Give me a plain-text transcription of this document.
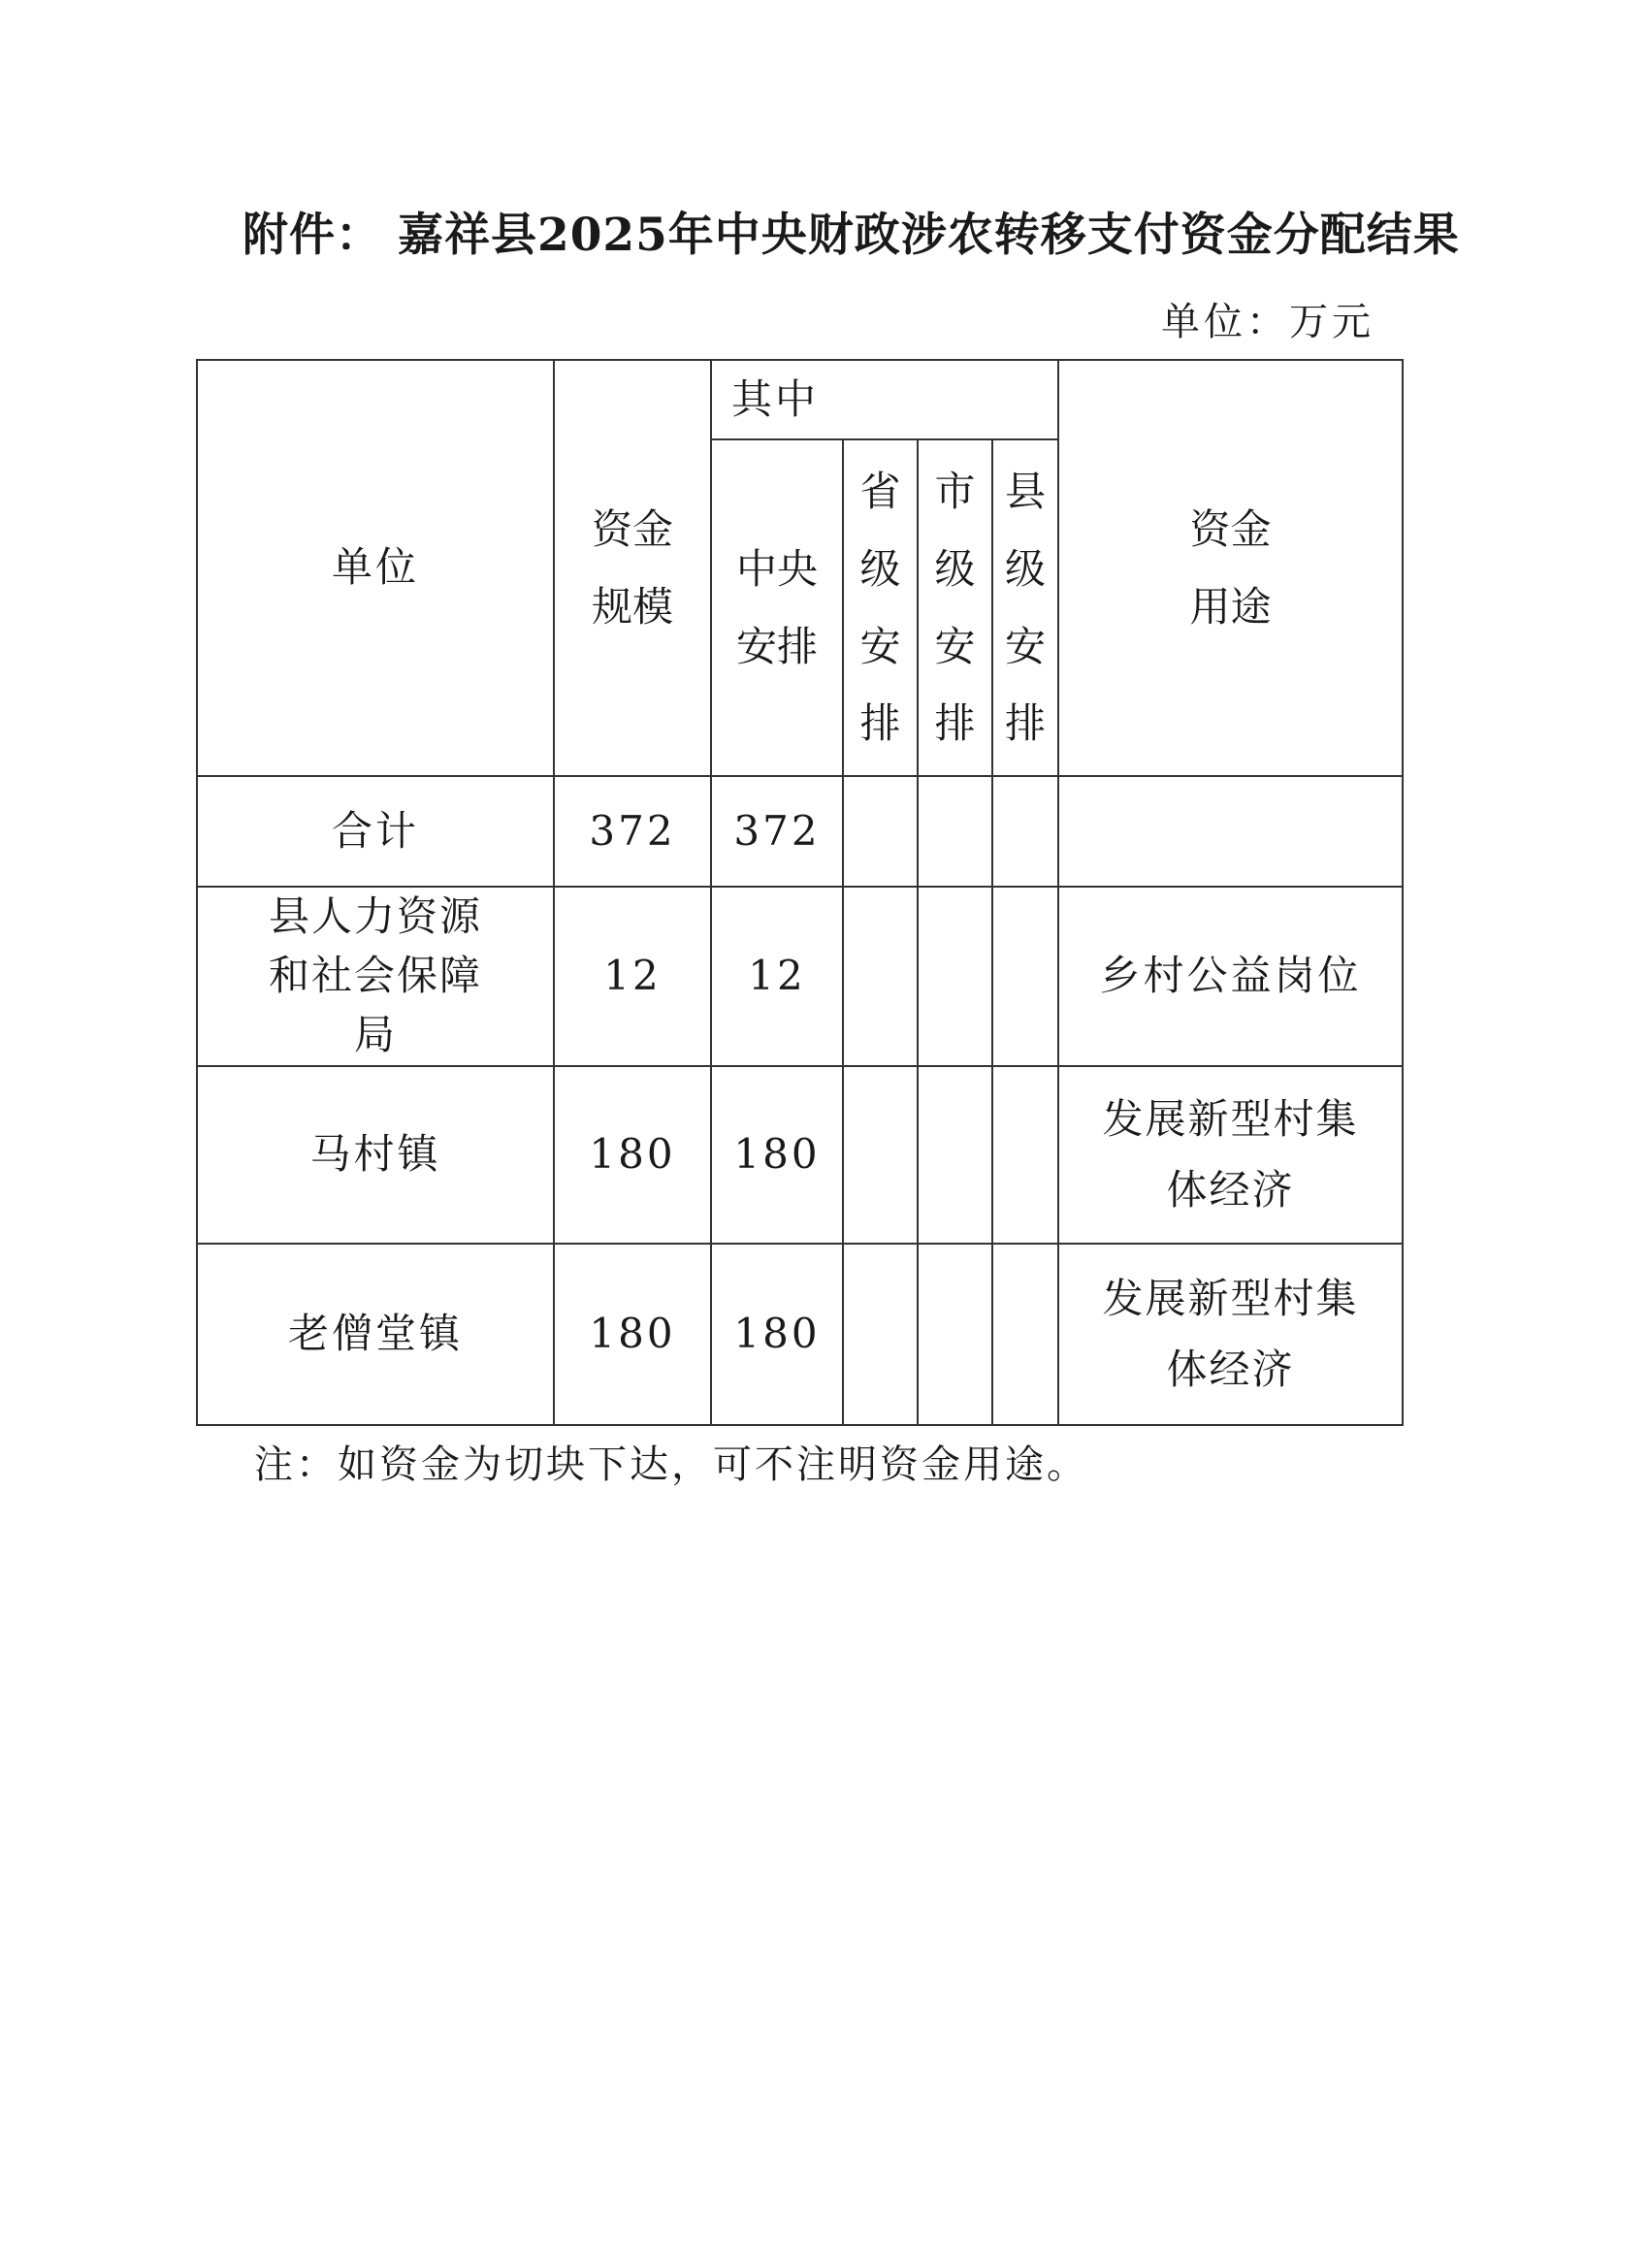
附件： 嘉祥县2025年中央财政涉农转移支付资金分配结果
单位：万元
单位	资金规模	其中				资金用途
		中央安排	省级安排	市级安排	县级安排	
合计	372	372				
县人力资源和社会保障局	12	12				乡村公益岗位
马村镇	180	180				发展新型村集体经济
老僧堂镇	180	180				发展新型村集体经济
注：如资金为切块下达，可不注明资金用途。
